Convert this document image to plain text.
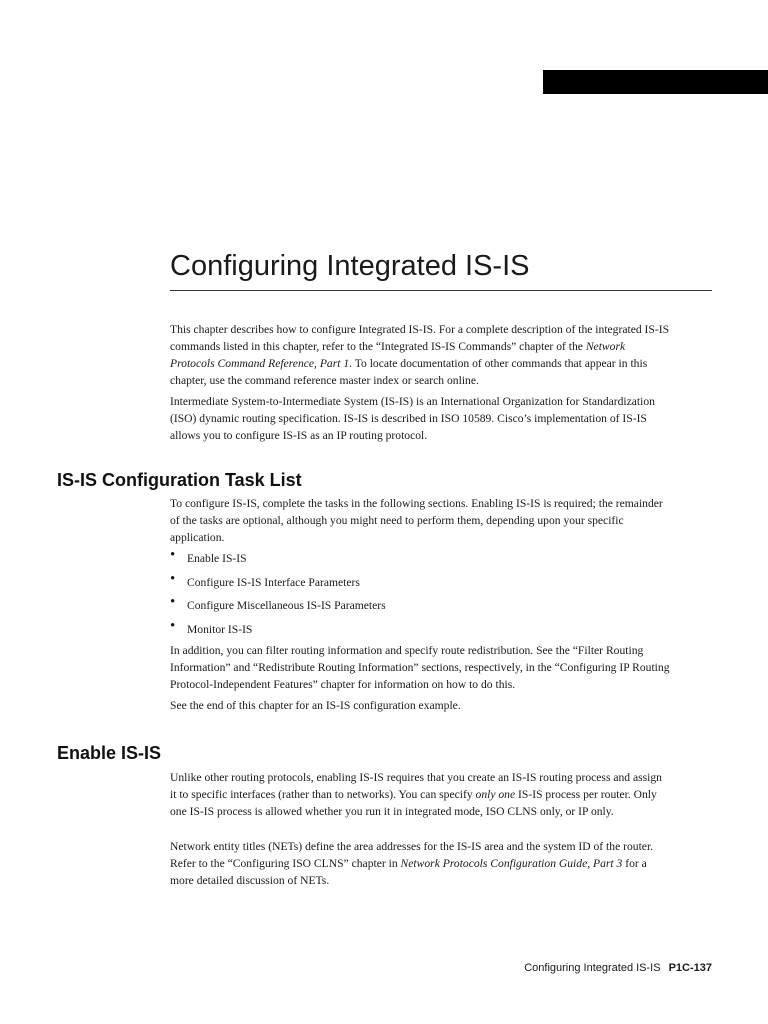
Configuring Integrated IS-IS

This chapter describes how to configure Integrated IS-IS. For a complete description of the integrated IS-IS commands listed in this chapter, refer to the “Integrated IS-IS Commands” chapter of the Network Protocols Command Reference, Part 1. To locate documentation of other commands that appear in this chapter, use the command reference master index or search online.

Intermediate System-to-Intermediate System (IS-IS) is an International Organization for Standardization (ISO) dynamic routing specification. IS-IS is described in ISO 10589. Cisco’s implementation of IS-IS allows you to configure IS-IS as an IP routing protocol.

IS-IS Configuration Task List

To configure IS-IS, complete the tasks in the following sections. Enabling IS-IS is required; the remainder of the tasks are optional, although you might need to perform them, depending upon your specific application.

• Enable IS-IS
• Configure IS-IS Interface Parameters
• Configure Miscellaneous IS-IS Parameters
• Monitor IS-IS

In addition, you can filter routing information and specify route redistribution. See the “Filter Routing Information” and “Redistribute Routing Information” sections, respectively, in the “Configuring IP Routing Protocol-Independent Features” chapter for information on how to do this.

See the end of this chapter for an IS-IS configuration example.

Enable IS-IS

Unlike other routing protocols, enabling IS-IS requires that you create an IS-IS routing process and assign it to specific interfaces (rather than to networks). You can specify only one IS-IS process per router. Only one IS-IS process is allowed whether you run it in integrated mode, ISO CLNS only, or IP only.

Network entity titles (NETs) define the area addresses for the IS-IS area and the system ID of the router. Refer to the “Configuring ISO CLNS” chapter in Network Protocols Configuration Guide, Part 3 for a more detailed discussion of NETs.

Configuring Integrated IS-IS P1C-137
